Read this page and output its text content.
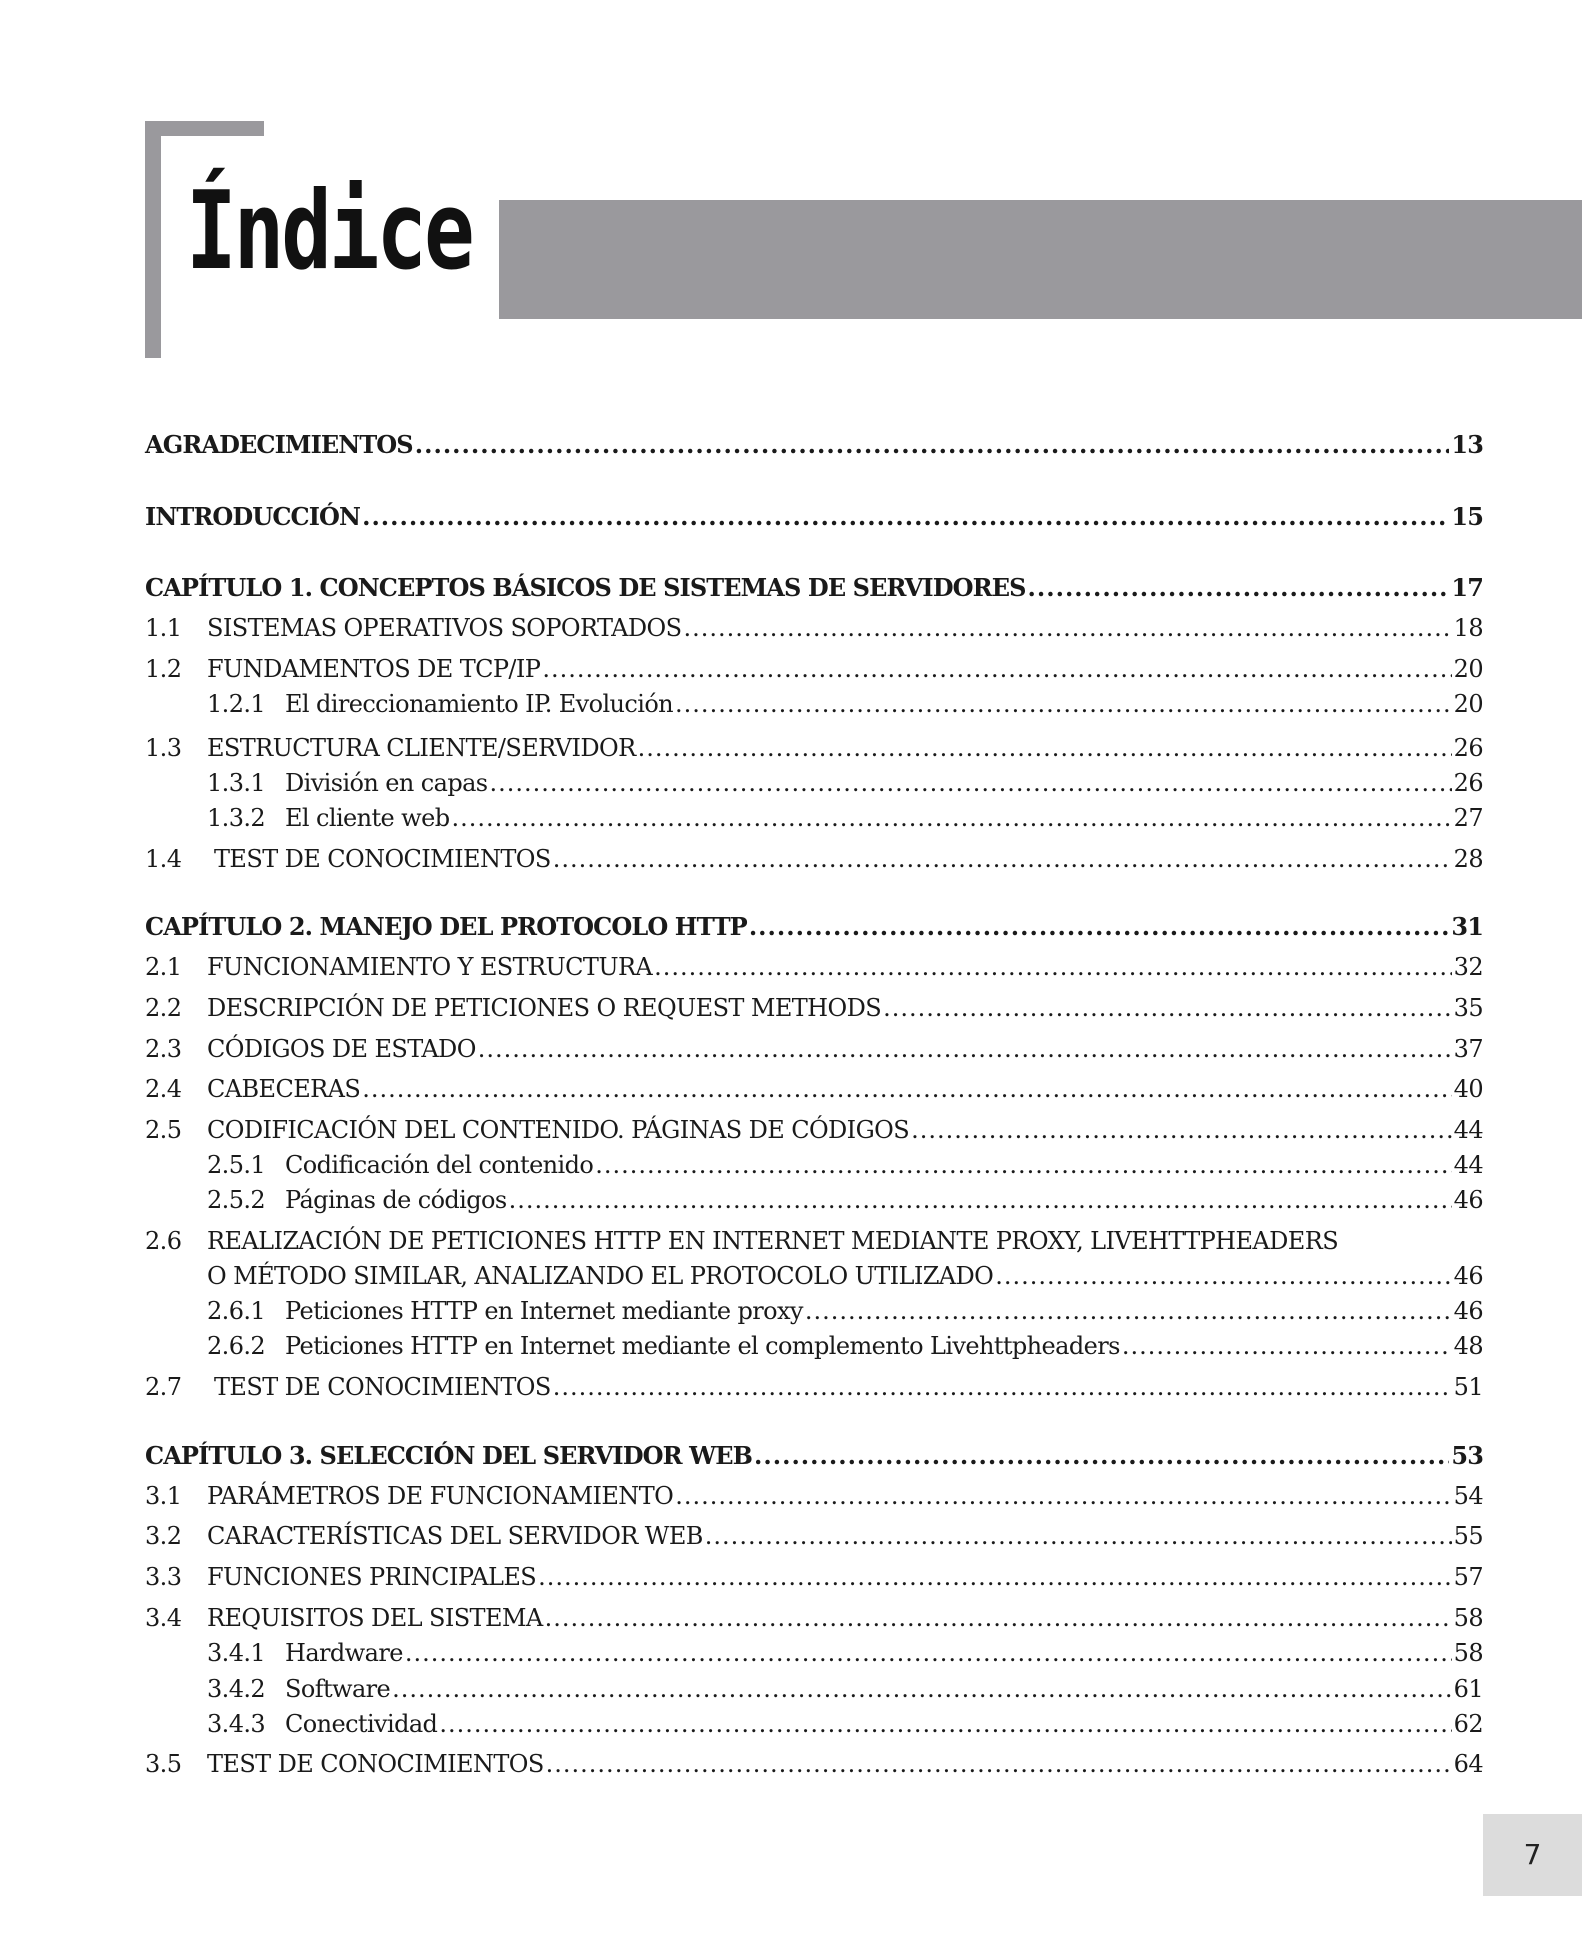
Índice
AGRADECIMIENTOS .....	13
INTRODUCCIÓN .....	15
CAPÍTULO 1. CONCEPTOS BÁSICOS DE SISTEMAS DE SERVIDORES .....	17
1.1	SISTEMAS OPERATIVOS SOPORTADOS .....	18
1.2	FUNDAMENTOS DE TCP/IP .....	20
1.2.1 El direccionamiento IP. Evolución .....	20
1.3	ESTRUCTURA CLIENTE/SERVIDOR .....	26
1.3.1 División en capas .....	26
1.3.2 El cliente web .....	27
1.4	TEST DE CONOCIMIENTOS .....	28
CAPÍTULO 2. MANEJO DEL PROTOCOLO HTTP .....	31
2.1	FUNCIONAMIENTO Y ESTRUCTURA .....	32
2.2	DESCRIPCIÓN DE PETICIONES O REQUEST METHODS .....	35
2.3	CÓDIGOS DE ESTADO .....	37
2.4	CABECERAS .....	40
2.5	CODIFICACIÓN DEL CONTENIDO. PÁGINAS DE CÓDIGOS .....	44
2.5.1 Codificación del contenido .....	44
2.5.2 Páginas de códigos .....	46
2.6	REALIZACIÓN DE PETICIONES HTTP EN INTERNET MEDIANTE PROXY, LIVEHTTPHEADERS
O MÉTODO SIMILAR, ANALIZANDO EL PROTOCOLO UTILIZADO .....	46
2.6.1 Peticiones HTTP en Internet mediante proxy .....	46
2.6.2 Peticiones HTTP en Internet mediante el complemento Livehttpheaders .....	48
2.7	TEST DE CONOCIMIENTOS .....	51
CAPÍTULO 3. SELECCIÓN DEL SERVIDOR WEB .....	53
3.1	PARÁMETROS DE FUNCIONAMIENTO .....	54
3.2	CARACTERÍSTICAS DEL SERVIDOR WEB .....	55
3.3	FUNCIONES PRINCIPALES .....	57
3.4	REQUISITOS DEL SISTEMA .....	58
3.4.1 Hardware .....	58
3.4.2 Software .....	61
3.4.3 Conectividad .....	62
3.5	TEST DE CONOCIMIENTOS .....	64
7
